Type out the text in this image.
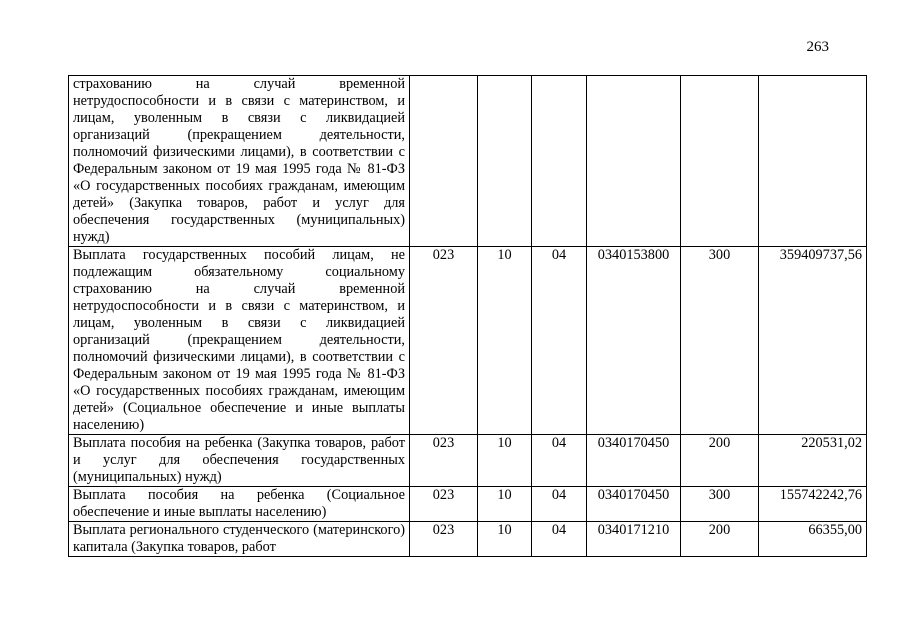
263
страхованию на случай временной нетрудоспособности и в связи с материнством, и лицам, уволенным в связи с ликвидацией организаций (прекращением деятельности, полномочий физическими лицами), в соответствии с Федеральным законом от 19 мая 1995 года № 81-ФЗ «О государственных пособиях гражданам, имеющим детей» (Закупка товаров, работ и услуг для обеспечения государственных (муниципальных) нужд)						
Выплата государственных пособий лицам, не подлежащим обязательному социальному страхованию на случай временной нетрудоспособности и в связи с материнством, и лицам, уволенным в связи с ликвидацией организаций (прекращением деятельности, полномочий физическими лицами), в соответствии с Федеральным законом от 19 мая 1995 года № 81-ФЗ «О государственных пособиях гражданам, имеющим детей» (Социальное обеспечение и иные выплаты населению)	023	10	04	0340153800	300	359409737,56
Выплата пособия на ребенка (Закупка товаров, работ и услуг для обеспечения государственных (муниципальных) нужд)	023	10	04	0340170450	200	220531,02
Выплата пособия на ребенка (Социальное обеспечение и иные выплаты населению)	023	10	04	0340170450	300	155742242,76
Выплата регионального студенческого (материнского) капитала (Закупка товаров, работ	023	10	04	0340171210	200	66355,00
